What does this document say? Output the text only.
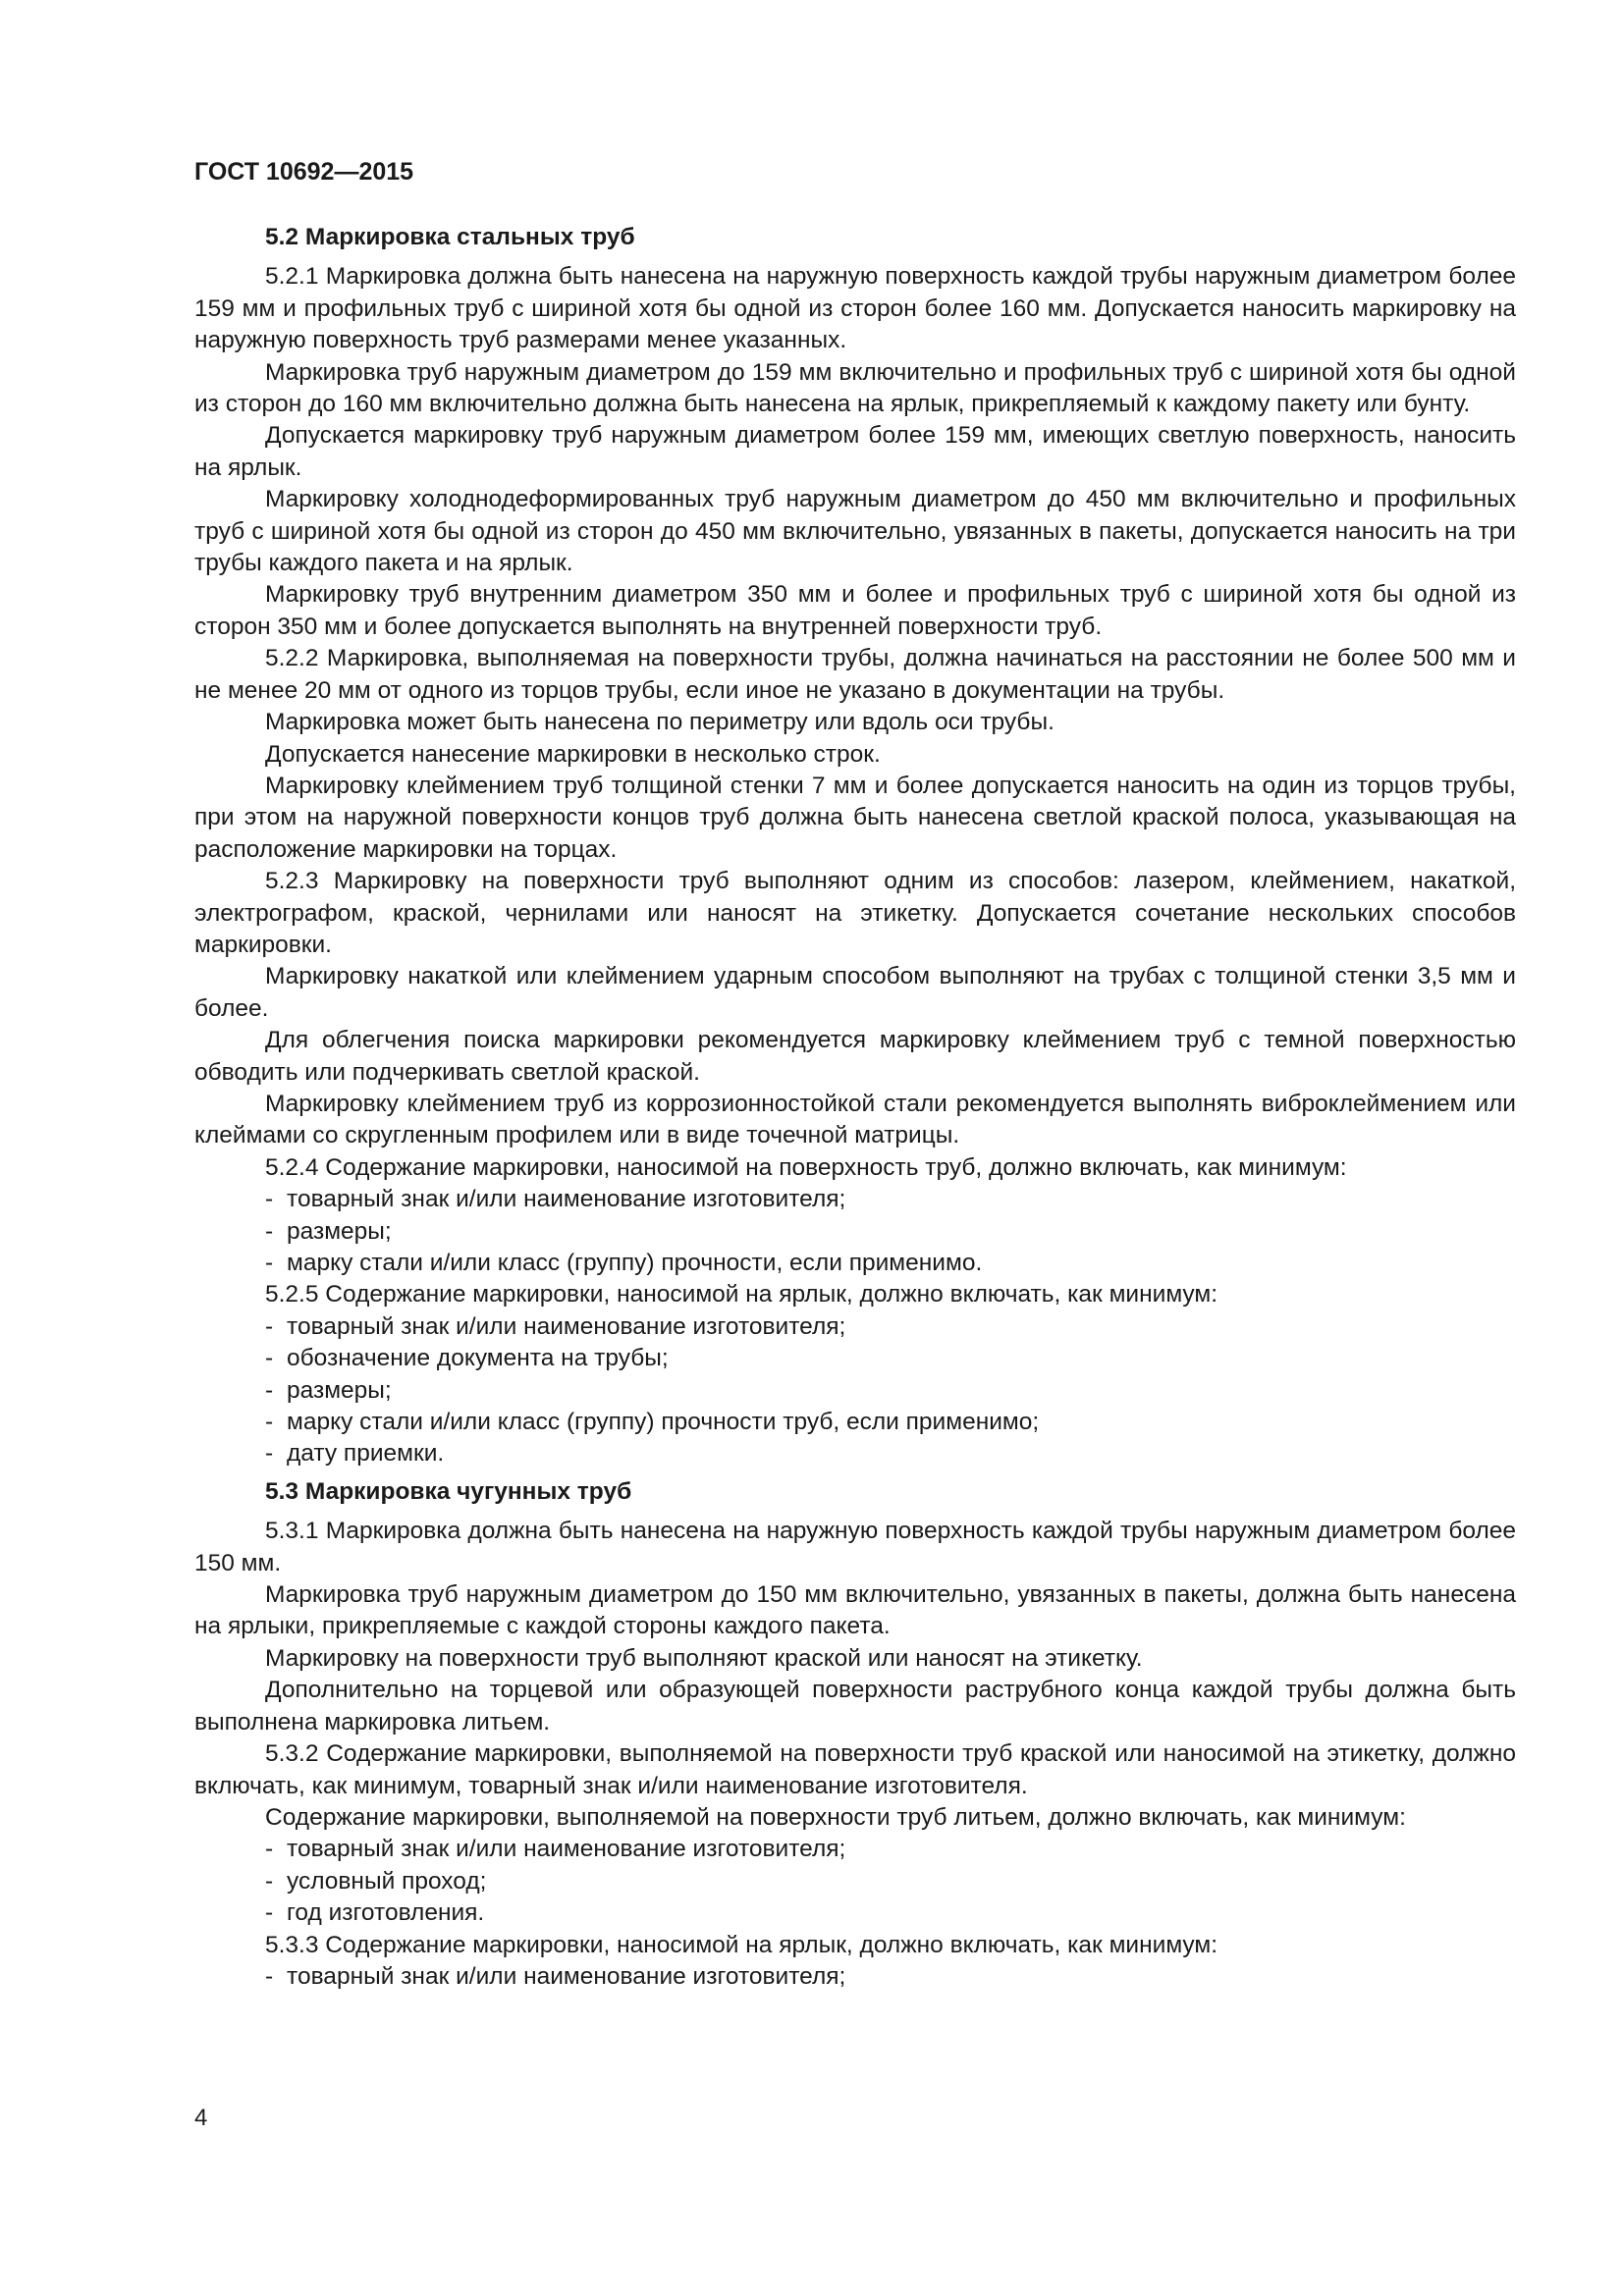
ГОСТ 10692—2015
5.2 Маркировка стальных труб

5.2.1 Маркировка должна быть нанесена на наружную поверхность каждой трубы наружным диаметром более 159 мм и профильных труб с шириной хотя бы одной из сторон более 160 мм. Допускается наносить маркировку на наружную поверхность труб размерами менее указанных.

Маркировка труб наружным диаметром до 159 мм включительно и профильных труб с шириной хотя бы одной из сторон до 160 мм включительно должна быть нанесена на ярлык, прикрепляемый к каждому пакету или бунту.

Допускается маркировку труб наружным диаметром более 159 мм, имеющих светлую поверхность, наносить на ярлык.

Маркировку холоднодеформированных труб наружным диаметром до 450 мм включительно и профильных труб с шириной хотя бы одной из сторон до 450 мм включительно, увязанных в пакеты, допускается наносить на три трубы каждого пакета и на ярлык.

Маркировку труб внутренним диаметром 350 мм и более и профильных труб с шириной хотя бы одной из сторон 350 мм и более допускается выполнять на внутренней поверхности труб.

5.2.2 Маркировка, выполняемая на поверхности трубы, должна начинаться на расстоянии не более 500 мм и не менее 20 мм от одного из торцов трубы, если иное не указано в документации на трубы.

Маркировка может быть нанесена по периметру или вдоль оси трубы.

Допускается нанесение маркировки в несколько строк.

Маркировку клеймением труб толщиной стенки 7 мм и более допускается наносить на один из торцов трубы, при этом на наружной поверхности концов труб должна быть нанесена светлой краской полоса, указывающая на расположение маркировки на торцах.

5.2.3 Маркировку на поверхности труб выполняют одним из способов: лазером, клеймением, накаткой, электрографом, краской, чернилами или наносят на этикетку. Допускается сочетание нескольких способов маркировки.

Маркировку накаткой или клеймением ударным способом выполняют на трубах с толщиной стенки 3,5 мм и более.

Для облегчения поиска маркировки рекомендуется маркировку клеймением труб с темной поверхностью обводить или подчеркивать светлой краской.

Маркировку клеймением труб из коррозионностойкой стали рекомендуется выполнять виброклеймением или клеймами со скругленным профилем или в виде точечной матрицы.

5.2.4 Содержание маркировки, наносимой на поверхность труб, должно включать, как минимум:

- товарный знак и/или наименование изготовителя;
- размеры;
- марку стали и/или класс (группу) прочности, если применимо.

5.2.5 Содержание маркировки, наносимой на ярлык, должно включать, как минимум:

- товарный знак и/или наименование изготовителя;
- обозначение документа на трубы;
- размеры;
- марку стали и/или класс (группу) прочности труб, если применимо;
- дату приемки.
5.3 Маркировка чугунных труб

5.3.1 Маркировка должна быть нанесена на наружную поверхность каждой трубы наружным диаметром более 150 мм.

Маркировка труб наружным диаметром до 150 мм включительно, увязанных в пакеты, должна быть нанесена на ярлыки, прикрепляемые с каждой стороны каждого пакета.

Маркировку на поверхности труб выполняют краской или наносят на этикетку.

Дополнительно на торцевой или образующей поверхности раструбного конца каждой трубы должна быть выполнена маркировка литьем.

5.3.2 Содержание маркировки, выполняемой на поверхности труб краской или наносимой на этикетку, должно включать, как минимум, товарный знак и/или наименование изготовителя.

Содержание маркировки, выполняемой на поверхности труб литьем, должно включать, как минимум:

- товарный знак и/или наименование изготовителя;
- условный проход;
- год изготовления.

5.3.3 Содержание маркировки, наносимой на ярлык, должно включать, как минимум:

- товарный знак и/или наименование изготовителя;
4
